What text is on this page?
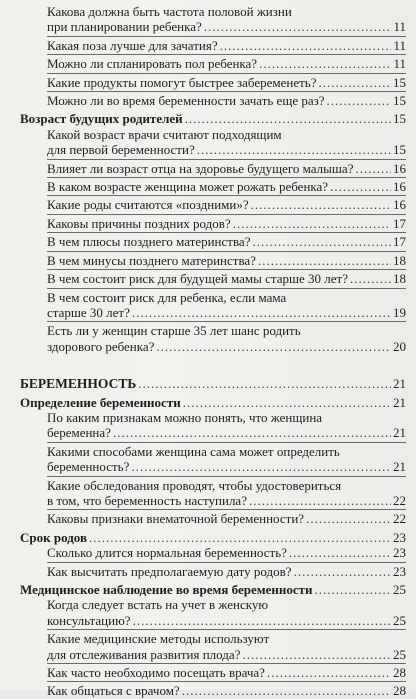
Какова должна быть частота половой жизни
при планировании ребенка? .....	11
Какая поза лучше для зачатия? .....	11
Можно ли спланировать пол ребенка? .....	11
Какие продукты помогут быстрее забеременеть? .....	15
Можно ли во время беременности зачать еще раз? .....	15
Возраст будущих родителей .....	15
Какой возраст врачи считают подходящим
для первой беременности? .....	15
Влияет ли возраст отца на здоровье будущего малыша? .....	16
В каком возрасте женщина может рожать ребенка? .....	16
Какие роды считаются «поздними»? .....	16
Каковы причины поздних родов? .....	17
В чем плюсы позднего материнства? .....	17
В чем минусы позднего материнства? .....	18
В чем состоит риск для будущей мамы старше 30 лет? .....	18
В чем состоит риск для ребенка, если мама
старше 30 лет? .....	19
Есть ли у женщин старше 35 лет шанс родить
здорового ребенка? .....	20
БЕРЕМЕННОСТЬ .....	21
Определение беременности .....	21
По каким признакам можно понять, что женщина
беременна? .....	21
Какими способами женщина сама может определить
беременность? .....	21
Какие обследования проводят, чтобы удостовериться
в том, что беременность наступила? .....	22
Каковы признаки внематочной беременности? .....	22
Срок родов .....	23
Сколько длится нормальная беременность? .....	23
Как высчитать предполагаемую дату родов? .....	23
Медицинское наблюдение во время беременности .....	25
Когда следует встать на учет в женскую
консультацию? .....	25
Какие медицинские методы используют
для отслеживания развития плода? .....	25
Как часто необходимо посещать врача? .....	28
Как общаться с врачом? .....	28
